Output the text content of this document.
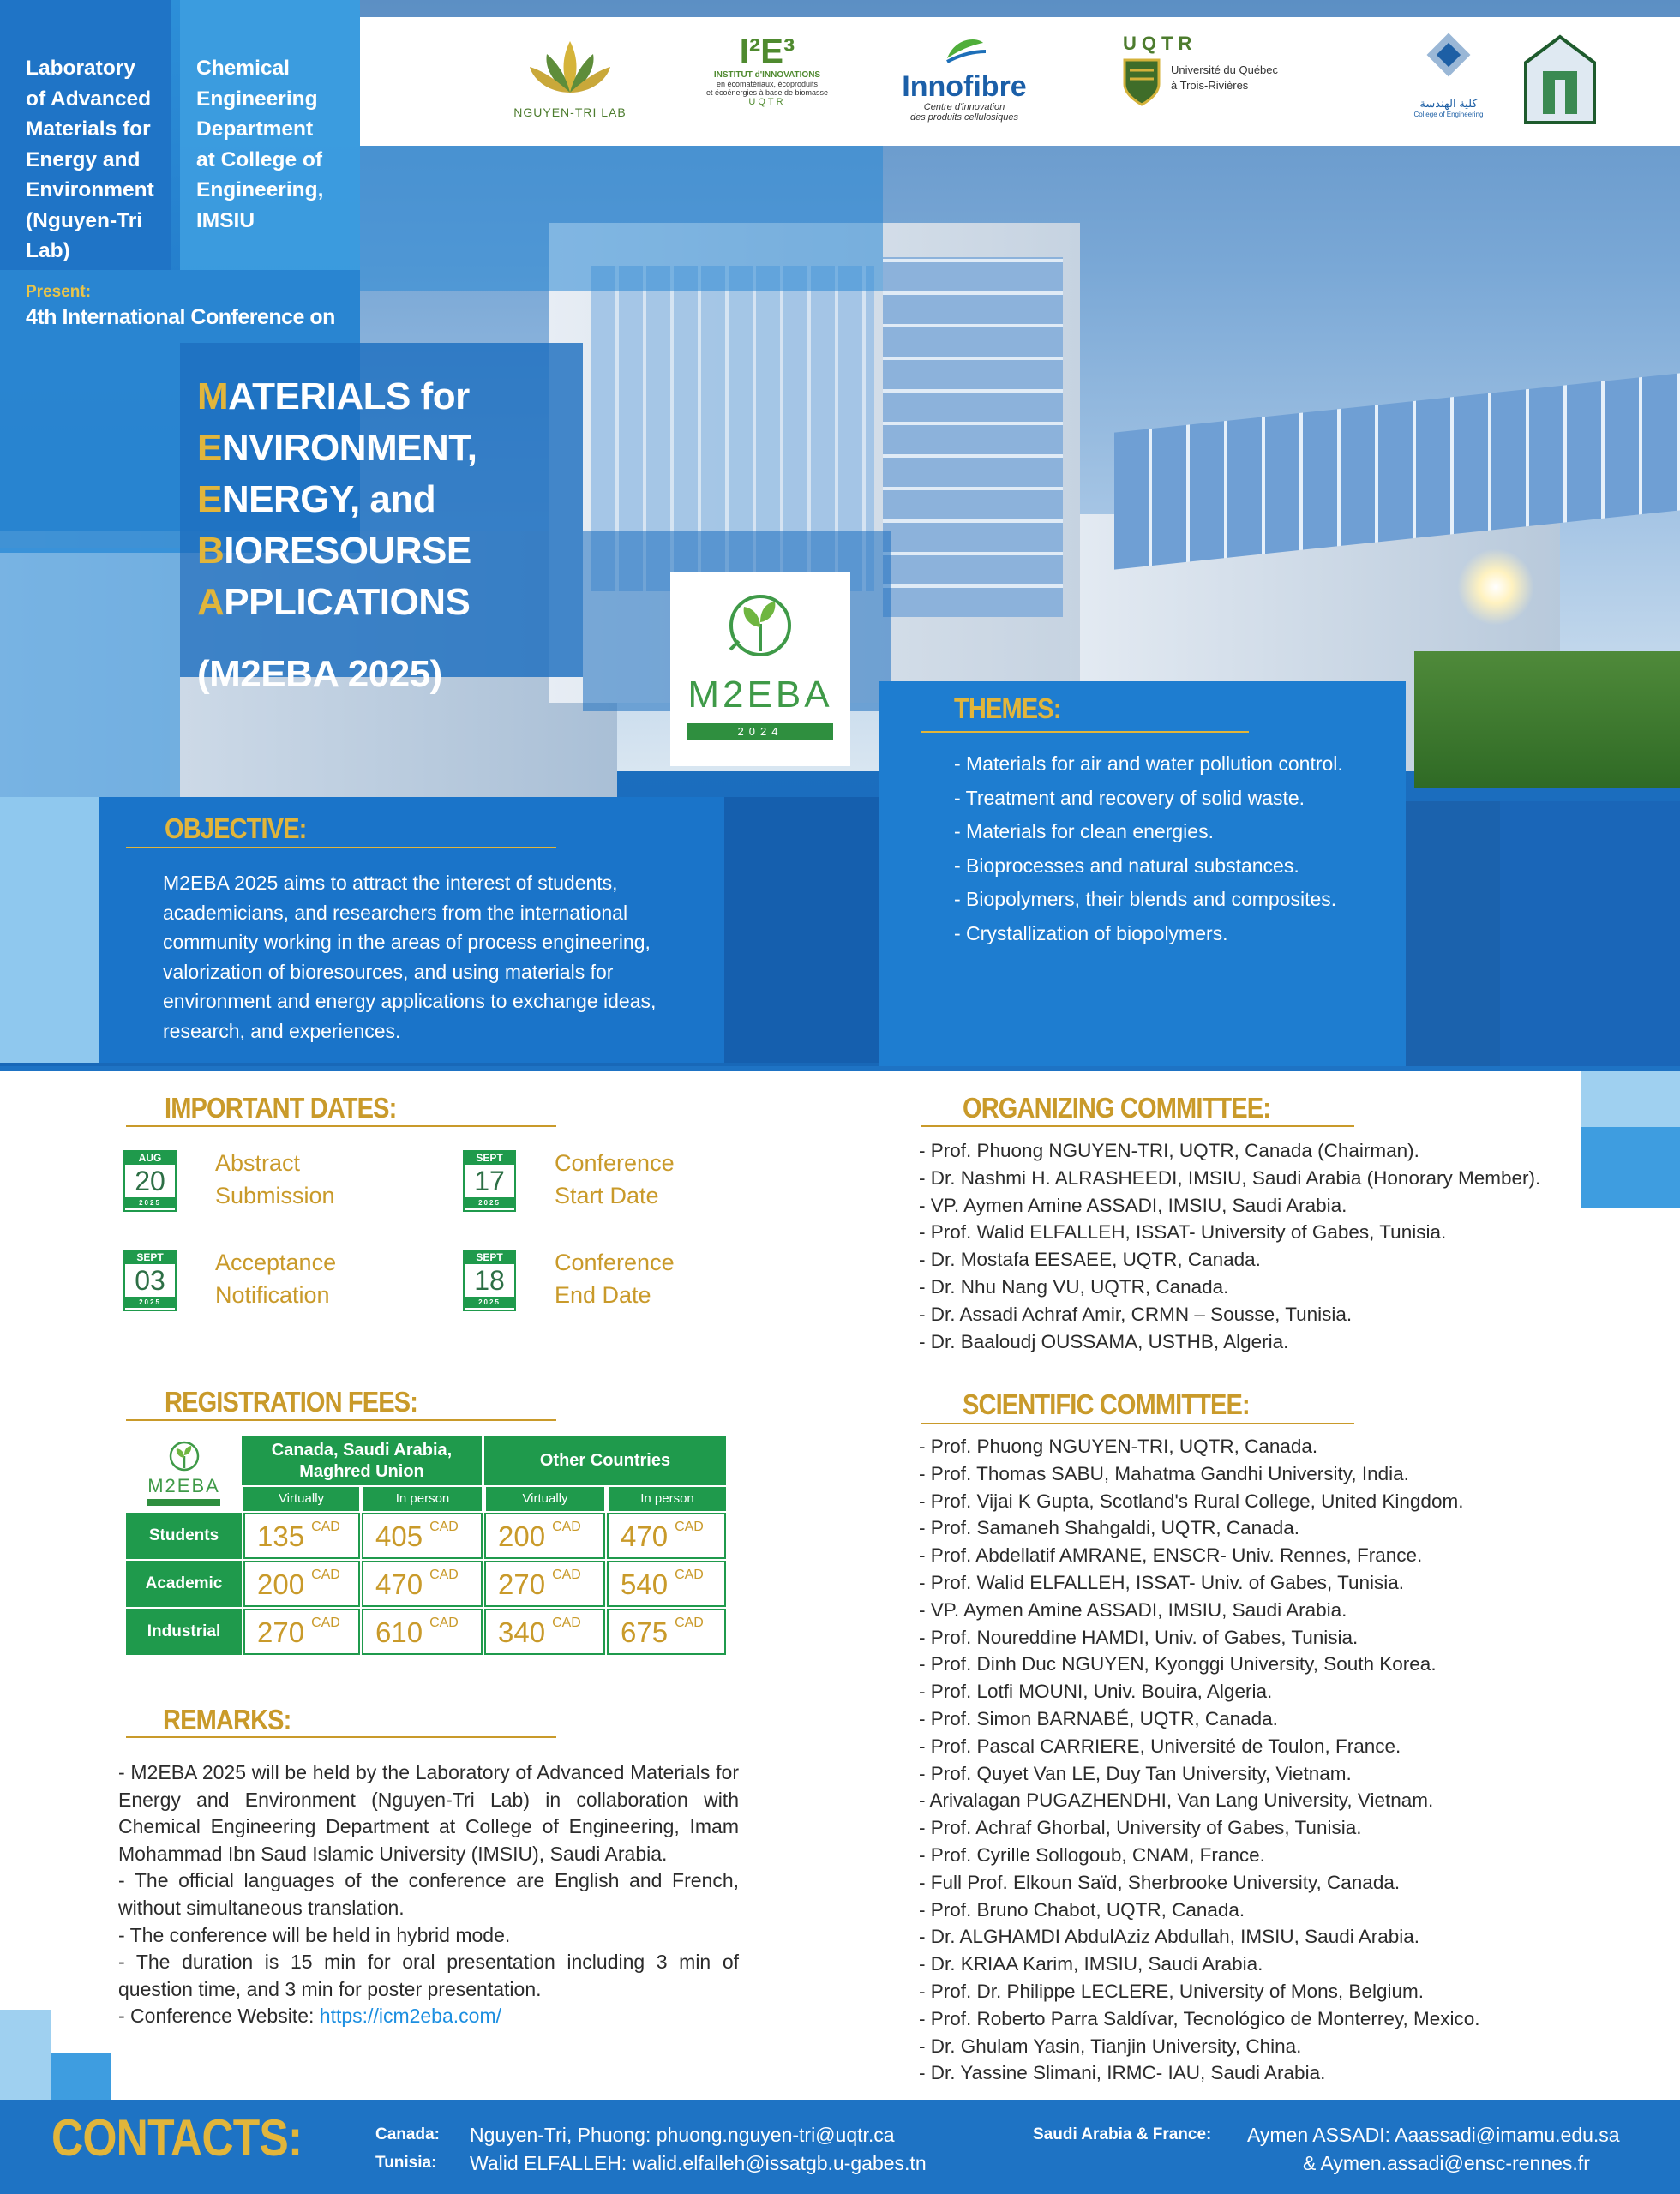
NGUYEN-TRI LAB
I²E³
INSTITUT d'INNOVATIONS
en écomatériaux, écoproduits
et écoénergies à base de biomasse
UQTR	Innofibre
Centre d'innovation
des produits cellulosiques
UQTR
Université du Québec
à Trois-Rivières
كلية الهندسة
College of Engineering
Laboratory
of Advanced
Materials for
Energy and
Environment
(Nguyen-Tri
Lab)
Chemical
Engineering
Department
at College of
Engineering,
IMSIU
Present:
4th International Conference on
MATERIALS for
ENVIRONMENT,
ENERGY, and
BIORESOURSE
APPLICATIONS
(M2EBA 2025)	M2EBA
2024
THEMES:
- Materials for air and water pollution control.
- Treatment and recovery of solid waste.
- Materials for clean energies.
- Bioprocesses and natural substances.
- Biopolymers, their blends and composites.
- Crystallization of biopolymers.
OBJECTIVE:
M2EBA 2025 aims to attract the interest of students, academicians, and researchers from the international community working in the areas of process engineering, valorization of bioresources, and using materials for environment and energy applications to exchange ideas, research, and experiences.
IMPORTANT DATES:
AUG
20
2025
Abstract
Submission
SEPT
17
2025
Conference
Start Date
SEPT
03
2025
Acceptance
Notification
SEPT
18
2025
Conference
End Date
REGISTRATION FEES:
M2EBA
Canada, Saudi Arabia, Maghred Union
Other Countries
Virtually	In person	Virtually	In person
Students	135 CAD	405 CAD	200 CAD	470 CAD
Academic	200 CAD	470 CAD	270 CAD	540 CAD
Industrial	270 CAD	610 CAD	340 CAD	675 CAD
REMARKS:
- M2EBA 2025 will be held by the Laboratory of Advanced Materials for Energy and Environment (Nguyen-Tri Lab) in collaboration with Chemical Engineering Department at College of Engineering, Imam Mohammad Ibn Saud Islamic University (IMSIU), Saudi Arabia.
- The official languages of the conference are English and French, without simultaneous translation.
- The conference will be held in hybrid mode.
- The duration is 15 min for oral presentation including 3 min of question time, and 3 min for poster presentation.
- Conference Website: https://icm2eba.com/
ORGANIZING COMMITTEE:
- Prof. Phuong NGUYEN-TRI, UQTR, Canada (Chairman).
- Dr. Nashmi H. ALRASHEEDI, IMSIU, Saudi Arabia (Honorary Member).
- VP. Aymen Amine ASSADI, IMSIU, Saudi Arabia.
- Prof. Walid ELFALLEH, ISSAT- University of Gabes, Tunisia.
- Dr. Mostafa EESAEE, UQTR, Canada.
- Dr. Nhu Nang VU, UQTR, Canada.
- Dr. Assadi Achraf Amir, CRMN – Sousse, Tunisia.
- Dr. Baaloudj OUSSAMA, USTHB, Algeria.
SCIENTIFIC COMMITTEE:
- Prof. Phuong NGUYEN-TRI, UQTR, Canada.
- Prof. Thomas SABU, Mahatma Gandhi University, India.
- Prof. Vijai K Gupta, Scotland's Rural College, United Kingdom.
- Prof. Samaneh Shahgaldi, UQTR, Canada.
- Prof. Abdellatif AMRANE, ENSCR- Univ. Rennes, France.
- Prof. Walid ELFALLEH, ISSAT- Univ. of Gabes, Tunisia.
- VP. Aymen Amine ASSADI, IMSIU, Saudi Arabia.
- Prof. Noureddine HAMDI, Univ. of Gabes, Tunisia.
- Prof. Dinh Duc NGUYEN, Kyonggi University, South Korea.
- Prof. Lotfi MOUNI, Univ. Bouira, Algeria.
- Prof. Simon BARNABÉ, UQTR, Canada.
- Prof. Pascal CARRIERE, Université de Toulon, France.
- Prof. Quyet Van LE, Duy Tan University, Vietnam.
- Arivalagan PUGAZHENDHI, Van Lang University, Vietnam.
- Prof. Achraf Ghorbal, University of Gabes, Tunisia.
- Prof. Cyrille Sollogoub, CNAM, France.
- Full Prof. Elkoun Saïd, Sherbrooke University, Canada.
- Prof. Bruno Chabot, UQTR, Canada.
- Dr. ALGHAMDI AbdulAziz Abdullah, IMSIU, Saudi Arabia.
- Dr. KRIAA Karim, IMSIU, Saudi Arabia.
- Prof. Dr. Philippe LECLERE, University of Mons, Belgium.
- Prof. Roberto Parra Saldívar, Tecnológico de Monterrey, Mexico.
- Dr. Ghulam Yasin, Tianjin University, China.
- Dr. Yassine Slimani, IRMC- IAU, Saudi Arabia.
CONTACTS:	Canada: Nguyen-Tri, Phuong: phuong.nguyen-tri@uqtr.ca
Tunisia: Walid ELFALLEH: walid.elfalleh@issatgb.u-gabes.tn
Saudi Arabia & France: Aymen ASSADI: Aaassadi@imamu.edu.sa
& Aymen.assadi@ensc-rennes.fr
